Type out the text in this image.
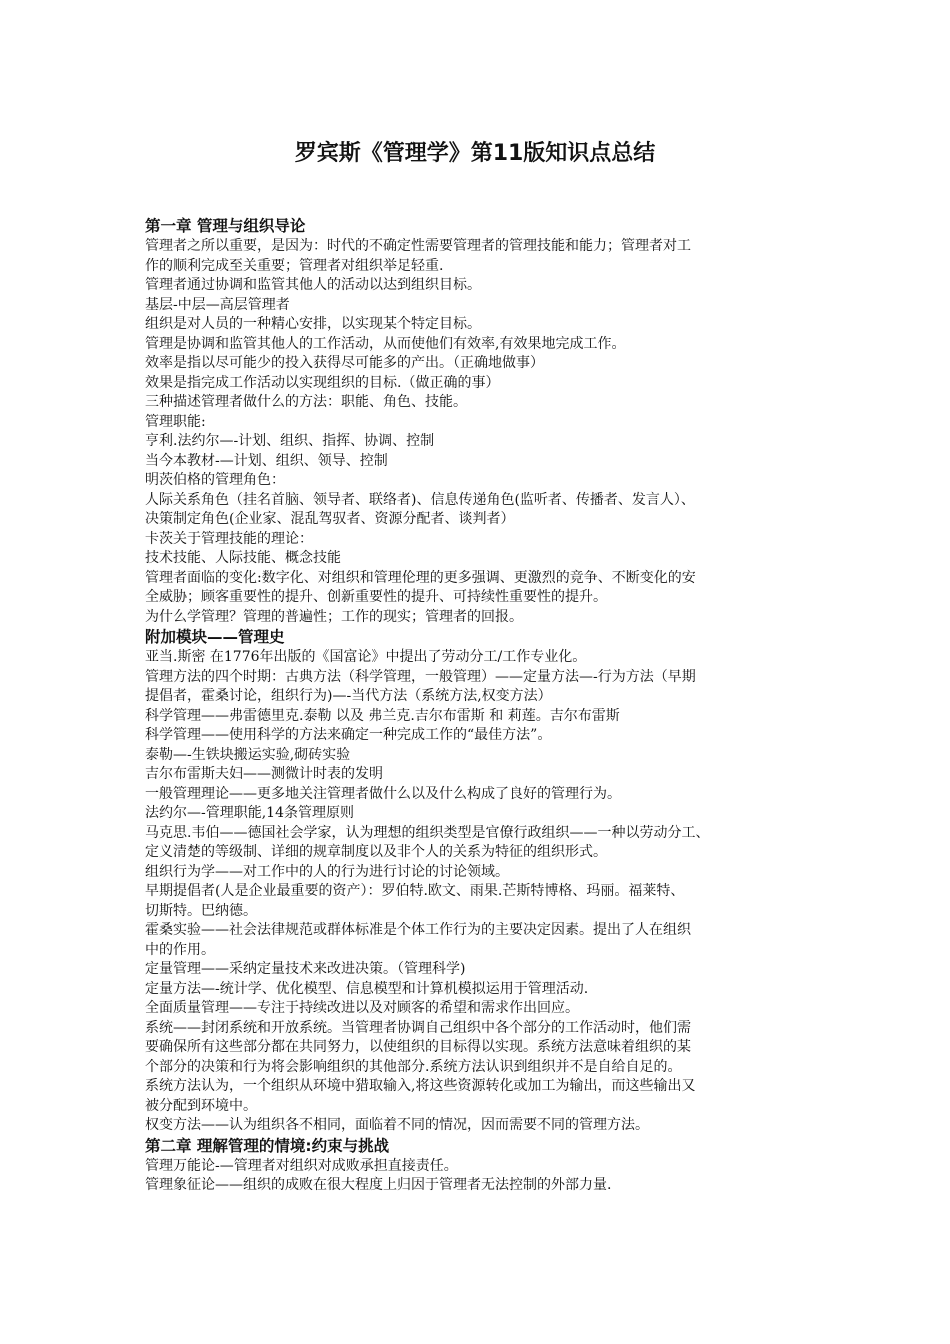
罗宾斯《管理学》第11版知识点总结
第一章 管理与组织导论

管理者之所以重要，是因为：时代的不确定性需要管理者的管理技能和能力；管理者对工
作的顺利完成至关重要；管理者对组织举足轻重.

管理者通过协调和监管其他人的活动以达到组织目标。

基层-中层—高层管理者

组织是对人员的一种精心安排，以实现某个特定目标。

管理是协调和监管其他人的工作活动，从而使他们有效率,有效果地完成工作。

效率是指以尽可能少的投入获得尽可能多的产出。（正确地做事）

效果是指完成工作活动以实现组织的目标.（做正确的事）

三种描述管理者做什么的方法：职能、角色、技能。

管理职能:

亨利.法约尔—-计划、组织、指挥、协调、控制

当今本教材-—计划、组织、领导、控制

明茨伯格的管理角色：

人际关系角色（挂名首脑、领导者、联络者)、信息传递角色(监听者、传播者、发言人）、
决策制定角色(企业家、混乱驾驭者、资源分配者、谈判者）

卡茨关于管理技能的理论：

技术技能、人际技能、概念技能

管理者面临的变化:数字化、对组织和管理伦理的更多强调、更激烈的竞争、不断变化的安
全威胁；顾客重要性的提升、创新重要性的提升、可持续性重要性的提升。

为什么学管理？管理的普遍性；工作的现实；管理者的回报。

附加模块——管理史

亚当.斯密 在1776年出版的《国富论》中提出了劳动分工/工作专业化。

管理方法的四个时期：古典方法（科学管理，一般管理）——定量方法—-行为方法（早期
提倡者，霍桑讨论，组织行为)—-当代方法（系统方法,权变方法）

科学管理——弗雷德里克.泰勒 以及 弗兰克.吉尔布雷斯 和 莉莲。吉尔布雷斯

科学管理——使用科学的方法来确定一种完成工作的“最佳方法”。

泰勒—-生铁块搬运实验,砌砖实验

吉尔布雷斯夫妇——测微计时表的发明

一般管理理论——更多地关注管理者做什么以及什么构成了良好的管理行为。

法约尔—-管理职能,14条管理原则

马克思.韦伯——德国社会学家，认为理想的组织类型是官僚行政组织——一种以劳动分工、
定义清楚的等级制、详细的规章制度以及非个人的关系为特征的组织形式。

组织行为学——对工作中的人的行为进行讨论的讨论领域。

早期提倡者(人是企业最重要的资产）：罗伯特.欧文、雨果.芒斯特博格、玛丽。福莱特、
切斯特。巴纳德。

霍桑实验——社会法律规范或群体标准是个体工作行为的主要决定因素。提出了人在组织
中的作用。

定量管理——采纳定量技术来改进决策。（管理科学)

定量方法—-统计学、优化模型、信息模型和计算机模拟运用于管理活动.

全面质量管理——专注于持续改进以及对顾客的希望和需求作出回应。

系统——封闭系统和开放系统。当管理者协调自己组织中各个部分的工作活动时，他们需
要确保所有这些部分都在共同努力，以使组织的目标得以实现。系统方法意味着组织的某
个部分的决策和行为将会影响组织的其他部分.系统方法认识到组织并不是自给自足的。

系统方法认为，一个组织从环境中猎取输入,将这些资源转化或加工为输出，而这些输出又
被分配到环境中。

权变方法——认为组织各不相同，面临着不同的情况，因而需要不同的管理方法。

第二章 理解管理的情境:约束与挑战

管理万能论-—管理者对组织对成败承担直接责任。

管理象征论——组织的成败在很大程度上归因于管理者无法控制的外部力量.
